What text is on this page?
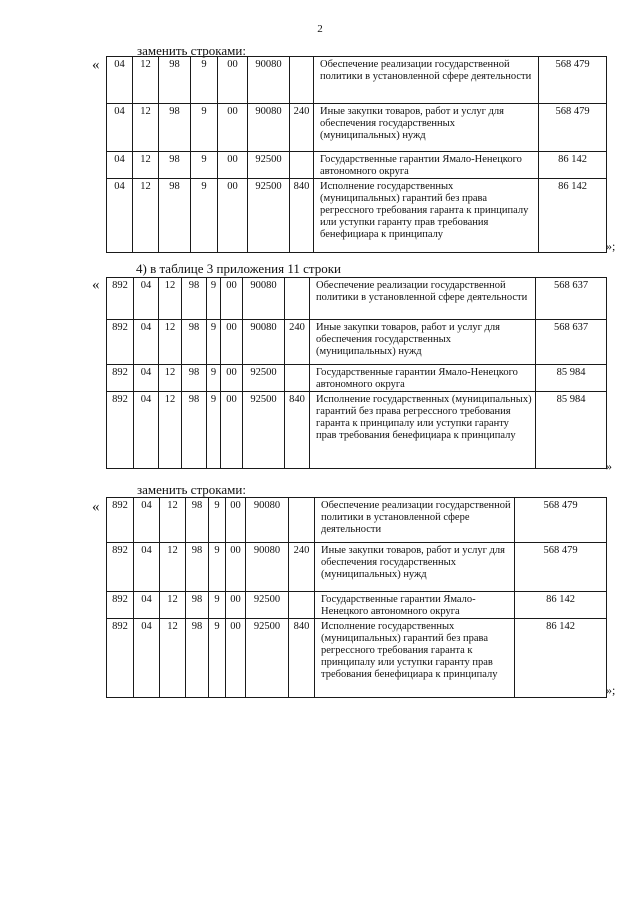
2
заменить строками:
« 04	12	98	9	00	90080		Обеспечение реализации государственной политики в установленной сфере деятельности	568 479
04	12	98	9	00	90080	240	Иные закупки товаров, работ и услуг для обеспечения государственных (муниципальных) нужд	568 479
04	12	98	9	00	92500		Государственные гарантии Ямало-Ненецкого автономного округа	86 142
04	12	98	9	00	92500	840	Исполнение государственных (муниципальных) гарантий без права регрессного требования гаранта к принципалу или уступки гаранту прав требования бенефициара к принципалу	86 142
»;
4) в таблице 3 приложения 11 строки
« 892	04	12	98	9	00	90080		Обеспечение реализации государственной политики в установленной сфере деятельности	568 637
892	04	12	98	9	00	90080	240	Иные закупки товаров, работ и услуг для обеспечения государственных (муниципальных) нужд	568 637
892	04	12	98	9	00	92500		Государственные гарантии Ямало-Ненецкого автономного округа	85 984
892	04	12	98	9	00	92500	840	Исполнение государственных (муниципальных) гарантий без права регрессного требования гаранта к принципалу или уступки гаранту прав требования бенефициара к принципалу	85 984
»
заменить строками:
« 892	04	12	98	9	00	90080		Обеспечение реализации государственной политики в установленной сфере деятельности	568 479
892	04	12	98	9	00	90080	240	Иные закупки товаров, работ и услуг для обеспечения государственных (муниципальных) нужд	568 479
892	04	12	98	9	00	92500		Государственные гарантии Ямало-Ненецкого автономного округа	86 142
892	04	12	98	9	00	92500	840	Исполнение государственных (муниципальных) гарантий без права регрессного требования гаранта к принципалу или уступки гаранту прав требования бенефициара к принципалу	86 142
»;
